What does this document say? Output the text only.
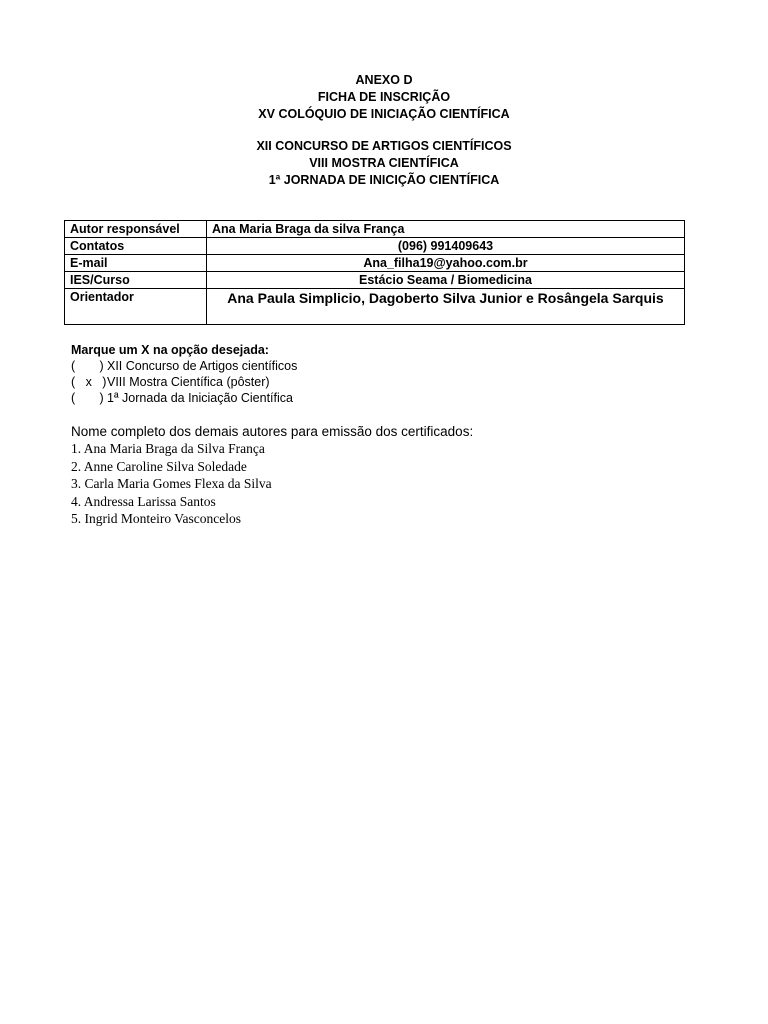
ANEXO D
FICHA DE INSCRIÇÃO
XV COLÓQUIO DE INICIAÇÃO CIENTÍFICA
XII CONCURSO DE ARTIGOS CIENTÍFICOS
VIII MOSTRA CIENTÍFICA
1ª JORNADA DE INICIÇÃO CIENTÍFICA
Autor responsável	Ana Maria Braga da silva França
Contatos	(096) 991409643
E-mail	Ana_filha19@yahoo.com.br
IES/Curso	Estácio Seama / Biomedicina
Orientador	Ana Paula Simplicio, Dagoberto Silva Junior e Rosângela Sarquis
Marque um X na opção desejada:
(       ) XII Concurso de Artigos científicos
(   x   )VIII Mostra Científica (pôster)
(       ) 1ª Jornada da Iniciação Científica
Nome completo dos demais autores para emissão dos certificados:
1. Ana Maria Braga da Silva França
2. Anne Caroline Silva Soledade
3. Carla Maria Gomes Flexa da Silva
4. Andressa Larissa Santos
5. Ingrid Monteiro Vasconcelos
